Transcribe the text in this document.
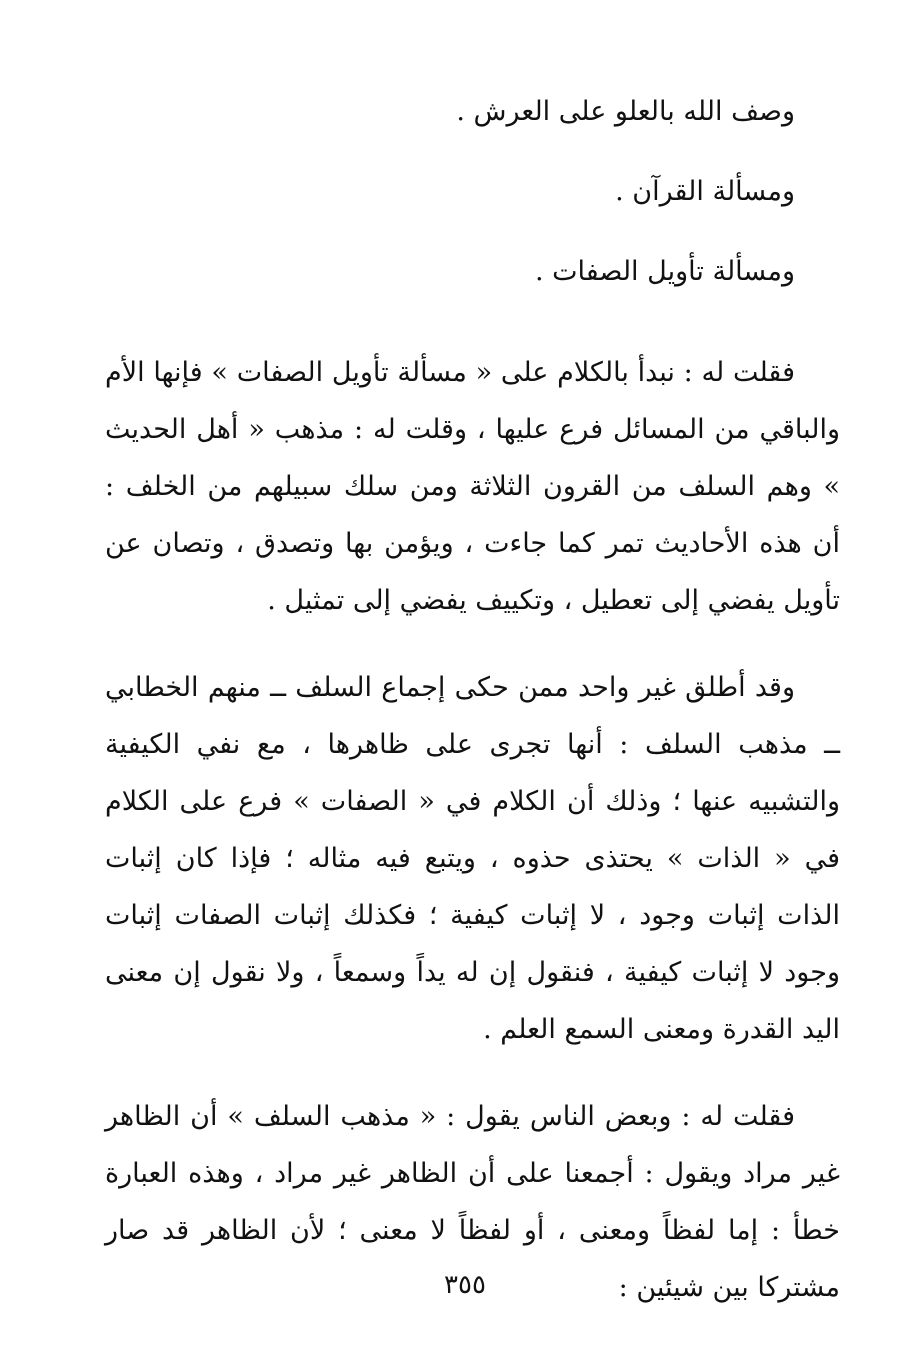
وصف الله بالعلو على العرش .
ومسألة القرآن .
ومسألة تأويل الصفات .

فقلت له : نبدأ بالكلام على « مسألة تأويل الصفات » فإنها الأم والباقي من المسائل فرع عليها ، وقلت له : مذهب « أهل الحديث » وهم السلف من القرون الثلاثة ومن سلك سبيلهم من الخلف : أن هذه الأحاديث تمر كما جاءت ، ويؤمن بها وتصدق ، وتصان عن تأويل يفضي إلى تعطيل ، وتكييف يفضي إلى تمثيل .

وقد أطلق غير واحد ممن حكى إجماع السلف ــ منهم الخطابي ــ مذهب السلف : أنها تجرى على ظاهرها ، مع نفي الكيفية والتشبيه عنها ؛ وذلك أن الكلام في « الصفات » فرع على الكلام في « الذات » يحتذى حذوه ، ويتبع فيه مثاله ؛ فإذا كان إثبات الذات إثبات وجود ، لا إثبات كيفية ؛ فكذلك إثبات الصفات إثبات وجود لا إثبات كيفية ، فنقول إن له يداً وسمعاً ، ولا نقول إن معنى اليد القدرة ومعنى السمع العلم .

فقلت له : وبعض الناس يقول : « مذهب السلف » أن الظاهر غير مراد ويقول : أجمعنا على أن الظاهر غير مراد ، وهذه العبارة خطأ : إما لفظاً ومعنى ، أو لفظاً لا معنى ؛ لأن الظاهر قد صار مشتركا بين شيئين :

٣٥٥
